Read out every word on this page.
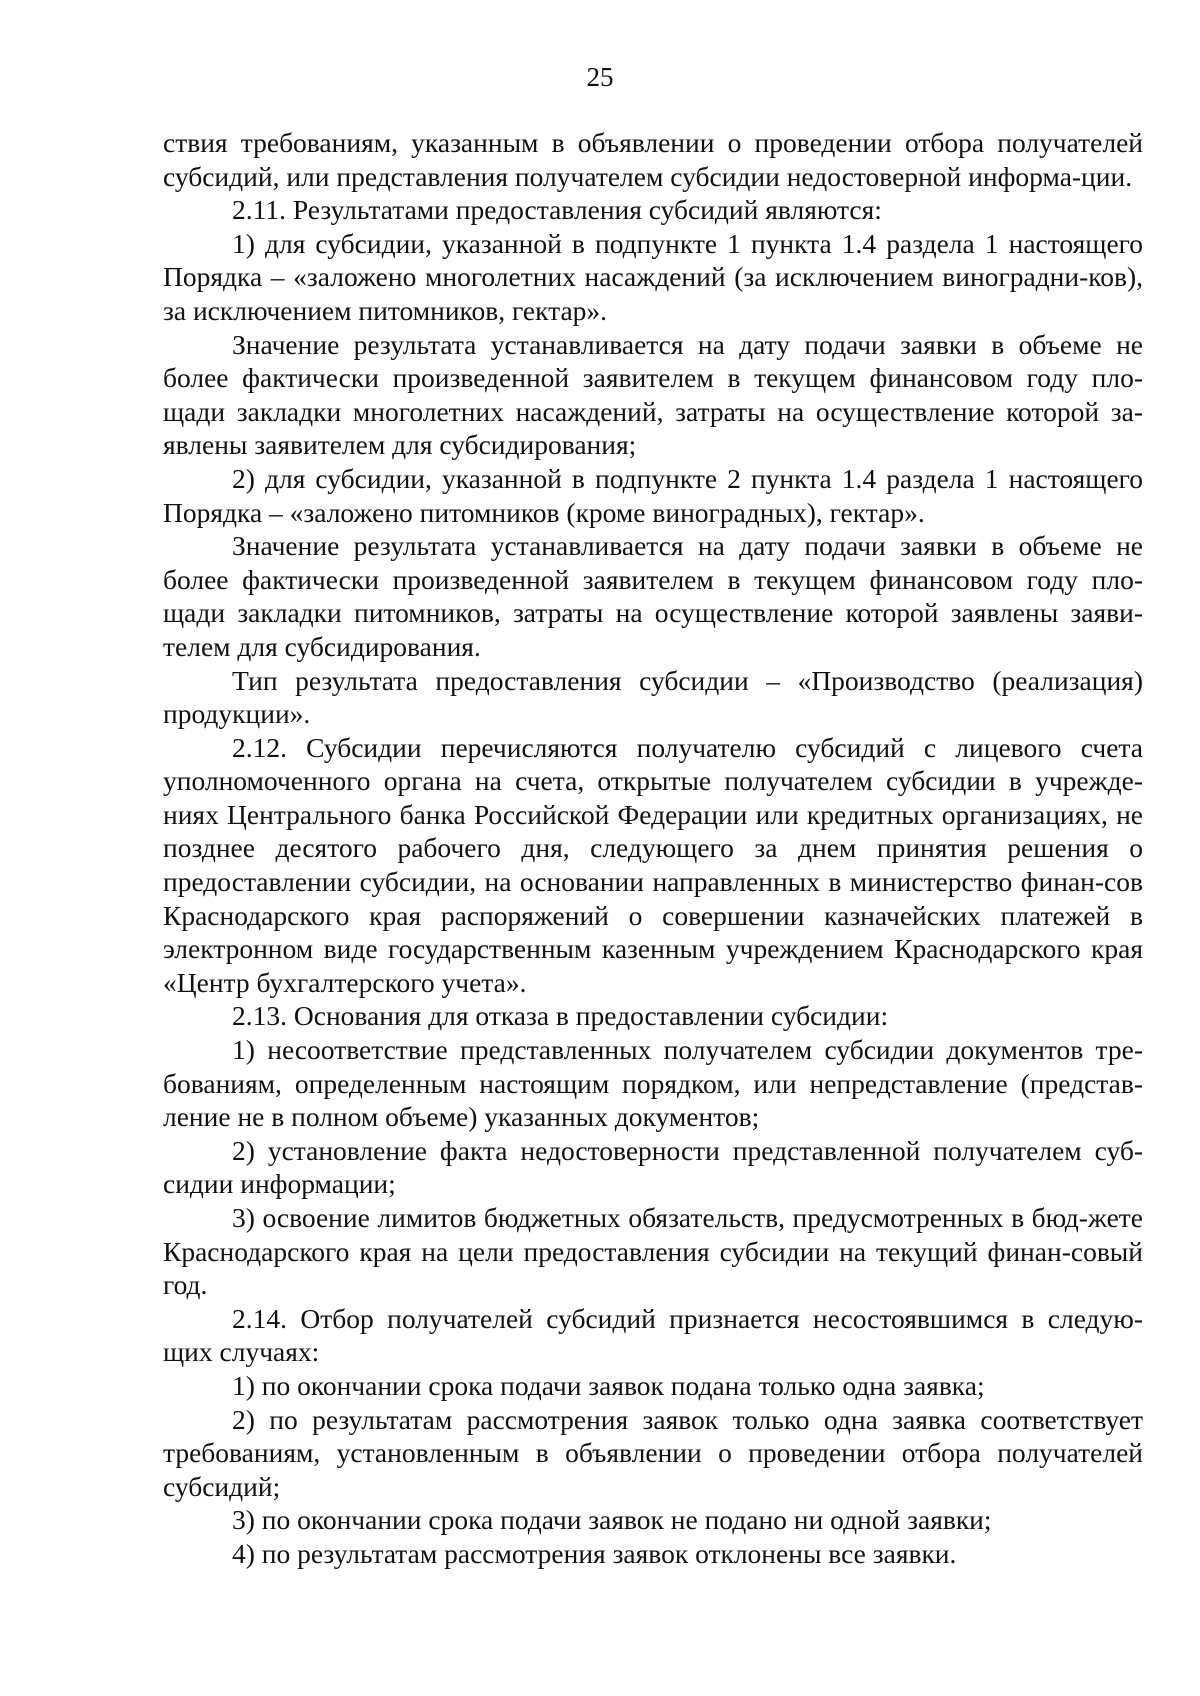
25

ствия требованиям, указанным в объявлении о проведении отбора получателей субсидий, или представления получателем субсидии недостоверной информа-ции.

2.11. Результатами предоставления субсидий являются:

1) для субсидии, указанной в подпункте 1 пункта 1.4 раздела 1 настоящего Порядка – «заложено многолетних насаждений (за исключением виноградни-ков), за исключением питомников, гектар».

Значение результата устанавливается на дату подачи заявки в объеме не более фактически произведенной заявителем в текущем финансовом году пло-щади закладки многолетних насаждений, затраты на осуществление которой за-явлены заявителем для субсидирования;

2) для субсидии, указанной в подпункте 2 пункта 1.4 раздела 1 настоящего Порядка – «заложено питомников (кроме виноградных), гектар».

Значение результата устанавливается на дату подачи заявки в объеме не более фактически произведенной заявителем в текущем финансовом году пло-щади закладки питомников, затраты на осуществление которой заявлены заяви-телем для субсидирования.

Тип результата предоставления субсидии – «Производство (реализация) продукции».

2.12. Субсидии перечисляются получателю субсидий с лицевого счета уполномоченного органа на счета, открытые получателем субсидии в учрежде-ниях Центрального банка Российской Федерации или кредитных организациях, не позднее десятого рабочего дня, следующего за днем принятия решения о предоставлении субсидии, на основании направленных в министерство финан-сов Краснодарского края распоряжений о совершении казначейских платежей в электронном виде государственным казенным учреждением Краснодарского края «Центр бухгалтерского учета».

2.13. Основания для отказа в предоставлении субсидии:

1) несоответствие представленных получателем субсидии документов тре-бованиям, определенным настоящим порядком, или непредставление (представ-ление не в полном объеме) указанных документов;

2) установление факта недостоверности представленной получателем суб-сидии информации;

3) освоение лимитов бюджетных обязательств, предусмотренных в бюд-жете Краснодарского края на цели предоставления субсидии на текущий финан-совый год.

2.14. Отбор получателей субсидий признается несостоявшимся в следую-щих случаях:

1) по окончании срока подачи заявок подана только одна заявка;

2) по результатам рассмотрения заявок только одна заявка соответствует требованиям, установленным в объявлении о проведении отбора получателей субсидий;

3) по окончании срока подачи заявок не подано ни одной заявки;

4) по результатам рассмотрения заявок отклонены все заявки.
